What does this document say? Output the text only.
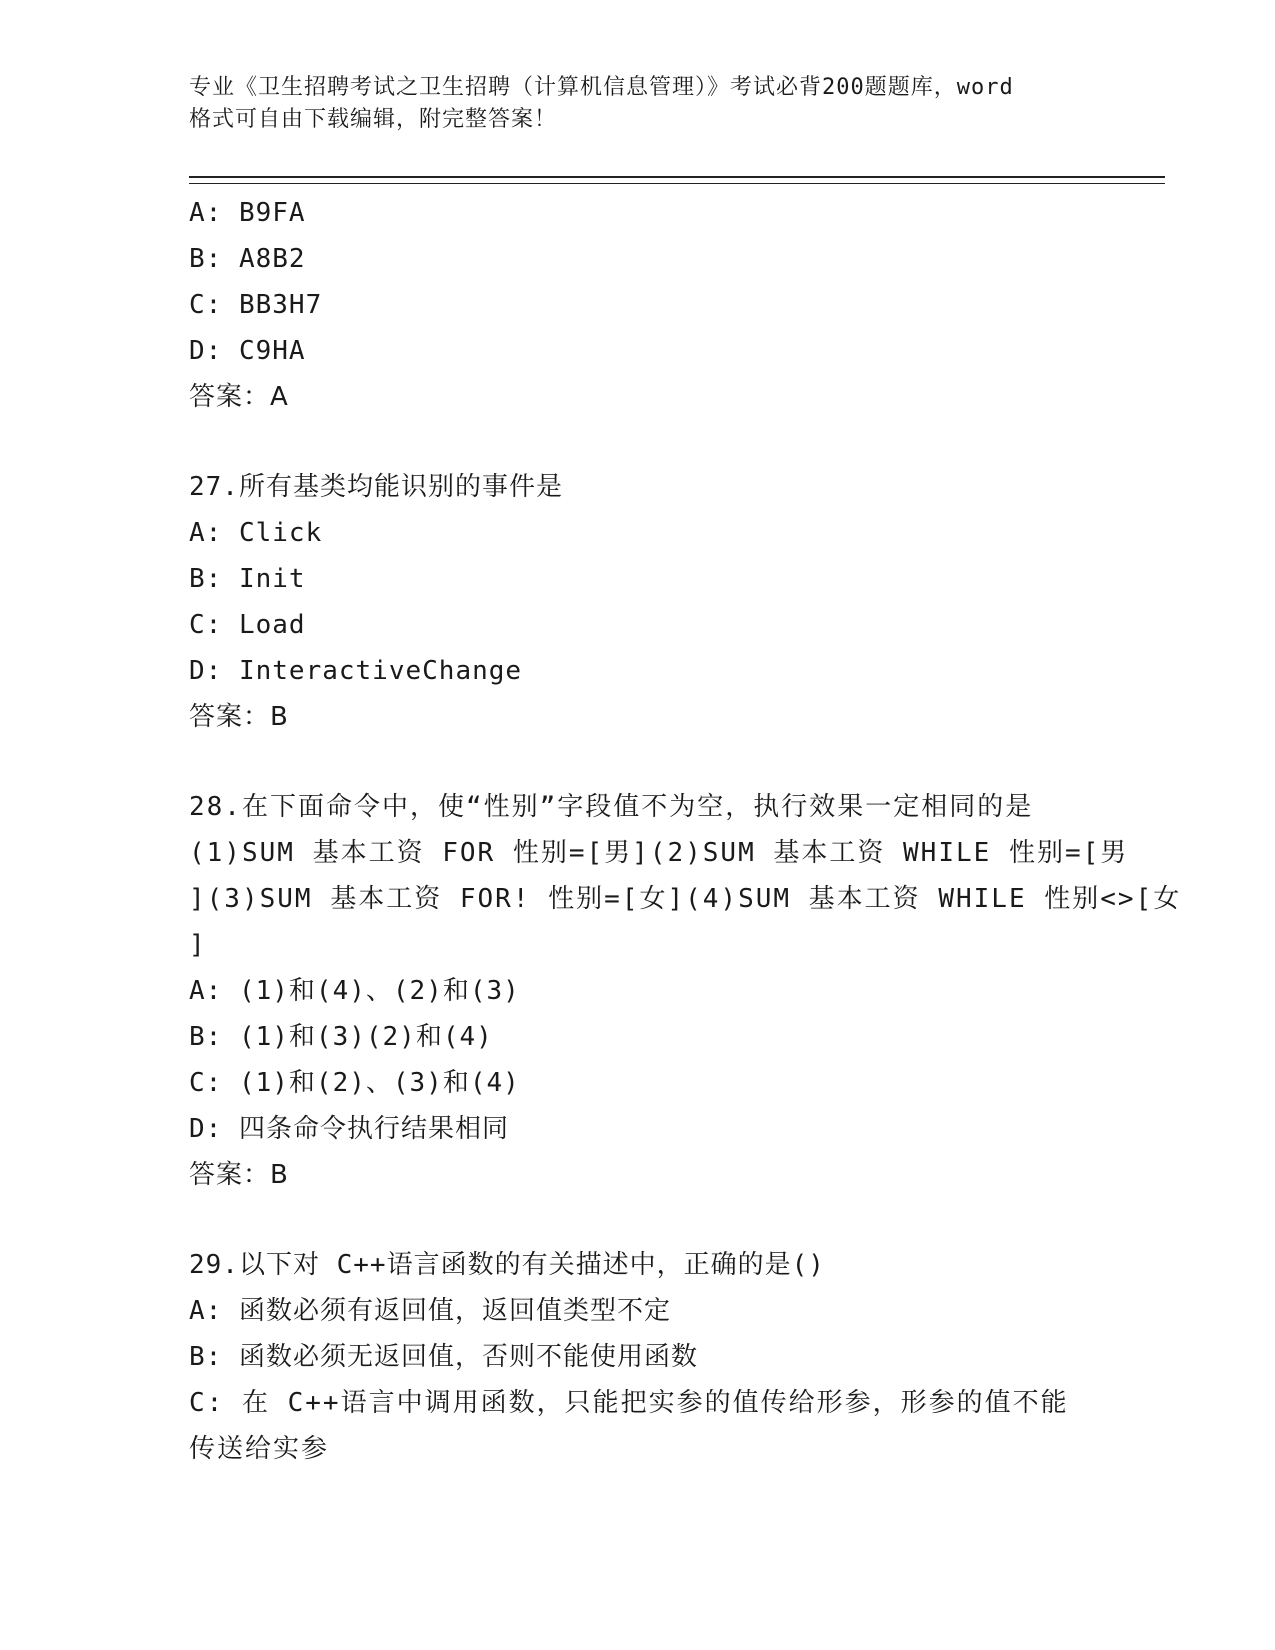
专业《卫生招聘考试之卫生招聘（计算机信息管理）》考试必背200题题库，word
格式可自由下载编辑，附完整答案！
A: B9FA
B: A8B2
C: BB3H7
D: C9HA
答案：A
27.所有基类均能识别的事件是
A: Click
B: Init
C: Load
D: InteractiveChange
答案：B
28.在下面命令中，使“性别”字段值不为空，执行效果一定相同的是
(1)SUM 基本工资 FOR 性别=[男](2)SUM 基本工资 WHILE 性别=[男
](3)SUM 基本工资 FOR! 性别=[女](4)SUM 基本工资 WHILE 性别<>[女
]
A: (1)和(4)、(2)和(3)
B: (1)和(3)(2)和(4)
C: (1)和(2)、(3)和(4)
D: 四条命令执行结果相同
答案：B
29.以下对 C++语言函数的有关描述中，正确的是()
A: 函数必须有返回值，返回值类型不定
B: 函数必须无返回值，否则不能使用函数
C: 在 C++语言中调用函数，只能把实参的值传给形参，形参的值不能
传送给实参
